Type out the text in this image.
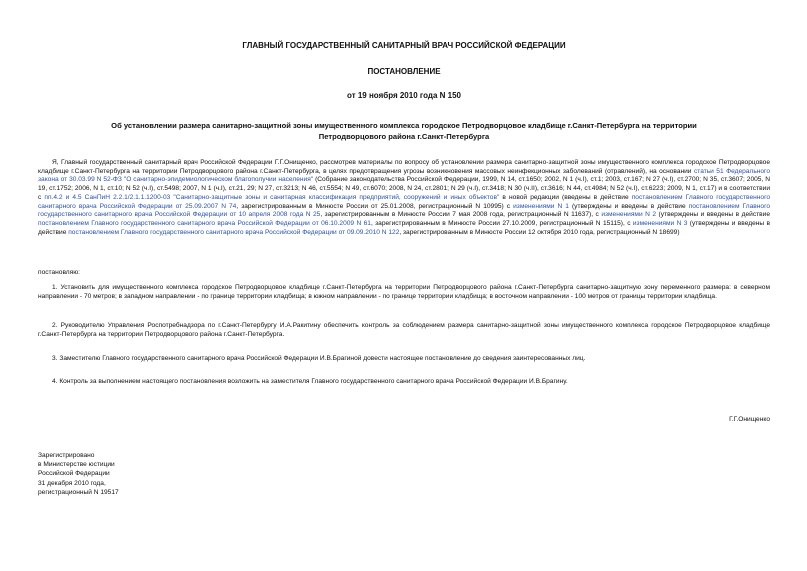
ГЛАВНЫЙ ГОСУДАРСТВЕННЫЙ САНИТАРНЫЙ ВРАЧ РОССИЙСКОЙ ФЕДЕРАЦИИ
ПОСТАНОВЛЕНИЕ
от 19 ноября 2010 года N 150
Об установлении размера санитарно-защитной зоны имущественного комплекса городское Петродворцовое кладбище г.Санкт-Петербурга на территории
Петродворцового района г.Санкт-Петербурга
Я, Главный государственный санитарный врач Российской Федерации Г.Г.Онищенко, рассмотрев материалы по вопросу об установлении размера санитарно-защитной зоны имущественного комплекса городское Петродворцовое кладбище г.Санкт-Петербурга на территории Петродворцового района г.Санкт-Петербурга, в целях предотвращения угрозы возникновения массовых неинфекционных заболеваний (отравлений), на основании статьи 51 Федерального закона от 30.03.99 N 52-ФЗ "О санитарно-эпидемиологическом благополучии населения" (Собрание законодательства Российской Федерации, 1999, N 14, ст.1650; 2002, N 1 (ч.I), ст.1; 2003, ст.167; N 27 (ч.I), ст.2700; N 35, ст.3607; 2005, N 19, ст.1752; 2006, N 1, ст.10; N 52 (ч.I), ст.5498; 2007, N 1 (ч.I), ст.21, 29; N 27, ст.3213; N 46, ст.5554; N 49, ст.6070; 2008, N 24, ст.2801; N 29 (ч.I), ст.3418; N 30 (ч.II), ст.3616; N 44, ст.4984; N 52 (ч.I), ст.6223; 2009, N 1, ст.17) и в соответствии с пп.4.2 и 4.5 СанПиН 2.2.1/2.1.1.1200-03 "Санитарно-защитные зоны и санитарная классификация предприятий, сооружений и иных объектов" в новой редакции (введены в действие постановлением Главного государственного санитарного врача Российской Федерации от 25.09.2007 N 74, зарегистрированным в Минюсте России от 25.01.2008, регистрационный N 10995) с изменениями N 1 (утверждены и введены в действие постановлением Главного государственного санитарного врача Российской Федерации от 10 апреля 2008 года N 25, зарегистрированным в Минюсте России 7 мая 2008 года, регистрационный N 11637), с изменениями N 2 (утверждены и введены в действие постановлением Главного государственного санитарного врача Российской Федерации от 06.10.2009 N 61, зарегистрированным в Минюсте России 27.10.2009, регистрационный N 15115), с изменениями N 3 (утверждены и введены в действие постановлением Главного государственного санитарного врача Российской Федерации от 09.09.2010 N 122, зарегистрированным в Минюсте России 12 октября 2010 года, регистрационный N 18699)
постановляю:
1. Установить для имущественного комплекса городское Петродворцовое кладбище г.Санкт-Петербурга на территории Петродворцового района г.Санкт-Петербурга санитарно-защитную зону переменного размера: в северном направлении - 70 метров; в западном направлении - по границе территории кладбища; в южном направлении - по границе территории кладбища; в восточном направлении - 100 метров от границы территории кладбища.
2. Руководителю Управления Роспотребнадзора по г.Санкт-Петербургу И.А.Ракитину обеспечить контроль за соблюдением размера санитарно-защитной зоны имущественного комплекса городское Петродворцовое кладбище г.Санкт-Петербурга на территории Петродворцового района г.Санкт-Петербурга.
3. Заместителю Главного государственного санитарного врача Российской Федерации И.В.Брагиной довести настоящее постановление до сведения заинтересованных лиц.
4. Контроль за выполнением настоящего постановления возложить на заместителя Главного государственного санитарного врача Российской Федерации И.В.Брагину.
Г.Г.Онищенко
Зарегистрировано
в Министерстве юстиции
Российской Федерации
31 декабря 2010 года,
регистрационный N 19517
